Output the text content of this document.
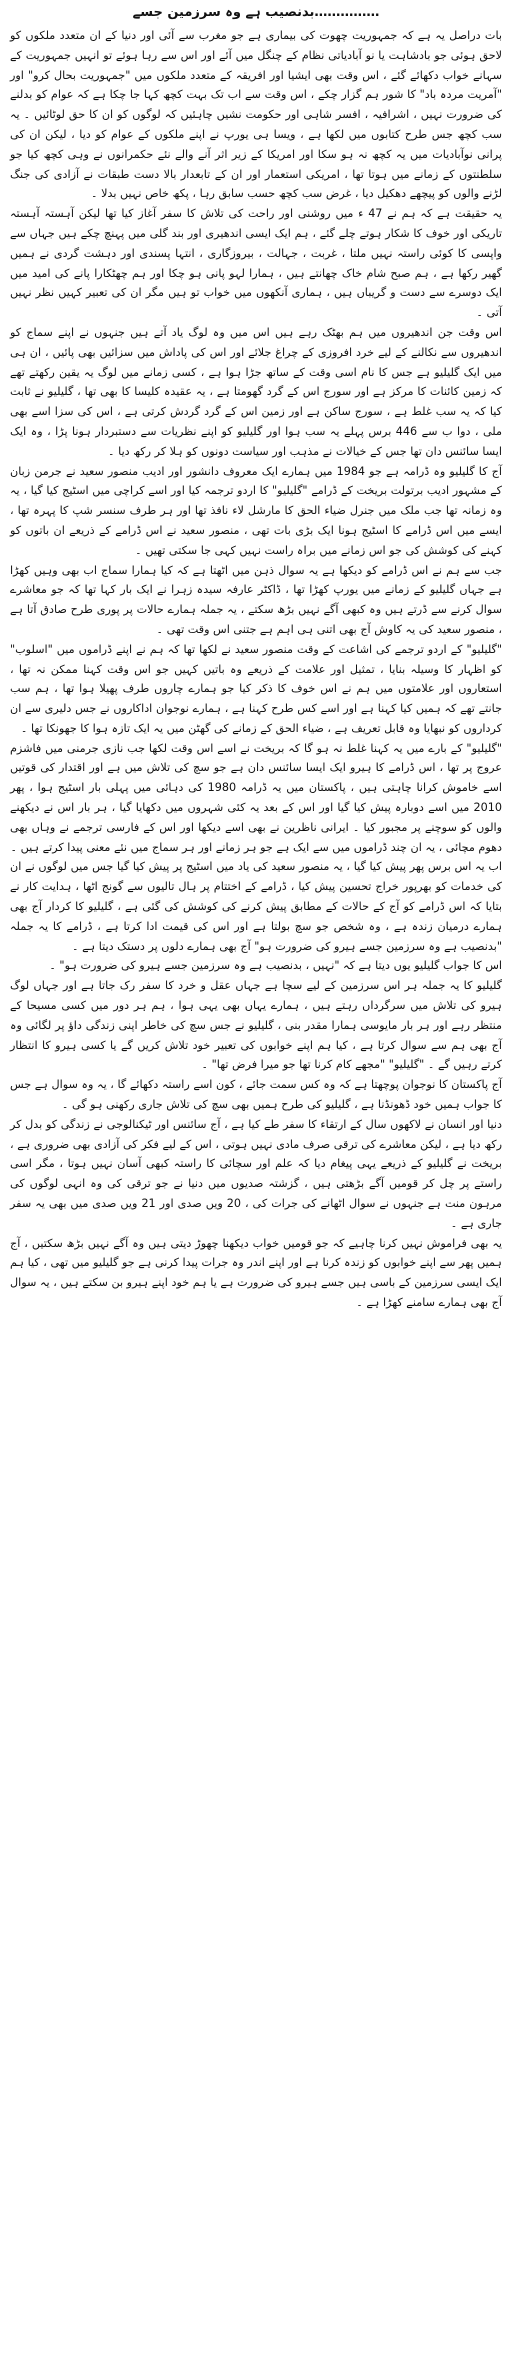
……………بدنصیب ہے وہ سرزمین جسے

بات دراصل یہ ہے کہ جمہوریت چھوت کی بیماری ہے جو مغرب سے آئی اور دنیا کے ان متعدد ملکوں کو لاحق ہوئی جو بادشاہت یا نو آبادیاتی نظام کے چنگل میں آئے اور اس سے رہا ہوئے تو انہیں جمہوریت کے سہانے خواب دکھائے گئے ، اس وقت بھی ایشیا اور افریقہ کے متعدد ملکوں میں "جمہوریت بحال کرو" اور "آمریت مردہ باد" کا شور ہم گزار چکے ، اس وقت سے اب تک بہت کچھ کہا جا چکا ہے کہ عوام کو بدلنے کی ضرورت نہیں ، اشرافیہ ، افسر شاہی اور حکومت نشیں چاہئیں کہ لوگوں کو ان کا حق لوٹائیں ۔ یہ سب کچھ جس طرح کتابوں میں لکھا ہے ، ویسا ہی یورپ نے اپنے ملکوں کے عوام کو دیا ، لیکن ان کی پرانی نوآبادیات میں یہ کچھ نہ ہو سکا اور امریکا کے زیر اثر آنے والے نئے حکمرانوں نے وہی کچھ کیا جو سلطنتوں کے زمانے میں ہوتا تھا ، امریکی استعمار اور ان کے تابعدار بالا دست طبقات نے آزادی کی جنگ لڑنے والوں کو پیچھے دھکیل دیا ، غرض سب کچھ حسب سابق رہا ، پکھ خاص نہیں بدلا ۔

یہ حقیقت ہے کہ ہم نے 47 ء میں روشنی اور راحت کی تلاش کا سفر آغاز کیا تھا لیکن آہستہ آہستہ تاریکی اور خوف کا شکار ہوتے چلے گئے ، ہم ایک ایسی اندھیری اور بند گلی میں پہنچ چکے ہیں جہاں سے واپسی کا کوئی راستہ نہیں ملتا ، غربت ، جہالت ، بیروزگاری ، انتہا پسندی اور دہشت گردی نے ہمیں گھیر رکھا ہے ، ہم صبح شام خاک چھانتے ہیں ، ہمارا لہو پانی ہو چکا اور ہم چھٹکارا پانے کی امید میں ایک دوسرے سے دست و گریباں ہیں ، ہماری آنکھوں میں خواب تو ہیں مگر ان کی تعبیر کہیں نظر نہیں آتی ۔

اس وقت جن اندھیروں میں ہم بھٹک رہے ہیں اس میں وہ لوگ یاد آتے ہیں جنہوں نے اپنے سماج کو اندھیروں سے نکالنے کے لیے خرد افروزی کے چراغ جلائے اور اس کی پاداش میں سزائیں بھی پائیں ، ان ہی میں ایک گلیلیو ہے جس کا نام اسی وقت کے ساتھ جڑا ہوا ہے ، کسی زمانے میں لوگ یہ یقین رکھتے تھے کہ زمین کائنات کا مرکز ہے اور سورج اس کے گرد گھومتا ہے ، یہ عقیدہ کلیسا کا بھی تھا ، گلیلیو نے ثابت کیا کہ یہ سب غلط ہے ، سورج ساکن ہے اور زمین اس کے گرد گردش کرتی ہے ، اس کی سزا اسے بھی ملی ، دوا ب سے 446 برس پہلے یہ سب ہوا اور گلیلیو کو اپنے نظریات سے دستبردار ہونا پڑا ، وہ ایک ایسا سائنس دان تھا جس کے خیالات نے مذہب اور سیاست دونوں کو ہلا کر رکھ دیا ۔

آج کا گلیلیو وہ ڈرامہ ہے جو 1984 میں ہمارے ایک معروف دانشور اور ادیب منصور سعید نے جرمن زبان کے مشہور ادیب برتولت بریخت کے ڈرامے "گلیلیو" کا اردو ترجمہ کیا اور اسے کراچی میں اسٹیج کیا گیا ، یہ وہ زمانہ تھا جب ملک میں جنرل ضیاء الحق کا مارشل لاء نافذ تھا اور ہر طرف سنسر شپ کا پہرہ تھا ، ایسے میں اس ڈرامے کا اسٹیج ہونا ایک بڑی بات تھی ، منصور سعید نے اس ڈرامے کے ذریعے ان باتوں کو کہنے کی کوشش کی جو اس زمانے میں براہ راست نہیں کہی جا سکتی تھیں ۔

جب سے ہم نے اس ڈرامے کو دیکھا ہے یہ سوال ذہن میں اٹھتا ہے کہ کیا ہمارا سماج اب بھی وہیں کھڑا ہے جہاں گلیلیو کے زمانے میں یورپ کھڑا تھا ، ڈاکٹر عارفہ سیدہ زہرا نے ایک بار کہا تھا کہ جو معاشرے سوال کرنے سے ڈرتے ہیں وہ کبھی آگے نہیں بڑھ سکتے ، یہ جملہ ہمارے حالات پر پوری طرح صادق آتا ہے ، منصور سعید کی یہ کاوش آج بھی اتنی ہی اہم ہے جتنی اس وقت تھی ۔

"گلیلیو" کے اردو ترجمے کی اشاعت کے وقت منصور سعید نے لکھا تھا کہ ہم نے اپنے ڈراموں میں "اسلوب" کو اظہار کا وسیلہ بنایا ، تمثیل اور علامت کے ذریعے وہ باتیں کہیں جو اس وقت کہنا ممکن نہ تھا ، استعاروں اور علامتوں میں ہم نے اس خوف کا ذکر کیا جو ہمارے چاروں طرف پھیلا ہوا تھا ، ہم سب جانتے تھے کہ ہمیں کیا کہنا ہے اور اسے کس طرح کہنا ہے ، ہمارے نوجوان اداکاروں نے جس دلیری سے ان کرداروں کو نبھایا وہ قابل تعریف ہے ، ضیاء الحق کے زمانے کی گھٹن میں یہ ایک تازہ ہوا کا جھونکا تھا ۔

"گلیلیو" کے بارے میں یہ کہنا غلط نہ ہو گا کہ بریخت نے اسے اس وقت لکھا جب نازی جرمنی میں فاشزم عروج پر تھا ، اس ڈرامے کا ہیرو ایک ایسا سائنس دان ہے جو سچ کی تلاش میں ہے اور اقتدار کی قوتیں اسے خاموش کرانا چاہتی ہیں ، پاکستان میں یہ ڈرامہ 1980 کی دہائی میں پہلی بار اسٹیج ہوا ، پھر 2010 میں اسے دوبارہ پیش کیا گیا اور اس کے بعد یہ کئی شہروں میں دکھایا گیا ، ہر بار اس نے دیکھنے والوں کو سوچنے پر مجبور کیا ۔ ایرانی ناظرین نے بھی اسے دیکھا اور اس کے فارسی ترجمے نے وہاں بھی دھوم مچائی ، یہ ان چند ڈراموں میں سے ایک ہے جو ہر زمانے اور ہر سماج میں نئے معنی پیدا کرتے ہیں ۔

اب یہ اس برس پھر پیش کیا گیا ، یہ منصور سعید کی یاد میں اسٹیج پر پیش کیا گیا جس میں لوگوں نے ان کی خدمات کو بھرپور خراج تحسین پیش کیا ، ڈرامے کے اختتام پر ہال تالیوں سے گونج اٹھا ، ہدایت کار نے بتایا کہ اس ڈرامے کو آج کے حالات کے مطابق پیش کرنے کی کوشش کی گئی ہے ، گلیلیو کا کردار آج بھی ہمارے درمیان زندہ ہے ، وہ شخص جو سچ بولتا ہے اور اس کی قیمت ادا کرتا ہے ، ڈرامے کا یہ جملہ "بدنصیب ہے وہ سرزمین جسے ہیرو کی ضرورت ہو" آج بھی ہمارے دلوں پر دستک دیتا ہے ۔

اس کا جواب گلیلیو یوں دیتا ہے کہ "نہیں ، بدنصیب ہے وہ سرزمین جسے ہیرو کی ضرورت ہو" ۔

گلیلیو کا یہ جملہ ہر اس سرزمین کے لیے سچا ہے جہاں عقل و خرد کا سفر رک جاتا ہے اور جہاں لوگ ہیرو کی تلاش میں سرگرداں رہتے ہیں ، ہمارے یہاں بھی یہی ہوا ، ہم ہر دور میں کسی مسیحا کے منتظر رہے اور ہر بار مایوسی ہمارا مقدر بنی ، گلیلیو نے جس سچ کی خاطر اپنی زندگی داؤ پر لگائی وہ آج بھی ہم سے سوال کرتا ہے ، کیا ہم اپنے خوابوں کی تعبیر خود تلاش کریں گے یا کسی ہیرو کا انتظار کرتے رہیں گے ۔ "گلیلیو" "مجھے کام کرنا تھا جو میرا فرض تھا" ۔

آج پاکستان کا نوجوان پوچھتا ہے کہ وہ کس سمت جائے ، کون اسے راستہ دکھائے گا ، یہ وہ سوال ہے جس کا جواب ہمیں خود ڈھونڈنا ہے ، گلیلیو کی طرح ہمیں بھی سچ کی تلاش جاری رکھنی ہو گی ۔

دنیا اور انسان نے لاکھوں سال کے ارتقاء کا سفر طے کیا ہے ، آج سائنس اور ٹیکنالوجی نے زندگی کو بدل کر رکھ دیا ہے ، لیکن معاشرے کی ترقی صرف مادی نہیں ہوتی ، اس کے لیے فکر کی آزادی بھی ضروری ہے ، بریخت نے گلیلیو کے ذریعے یہی پیغام دیا کہ علم اور سچائی کا راستہ کبھی آسان نہیں ہوتا ، مگر اسی راستے پر چل کر قومیں آگے بڑھتی ہیں ، گزشتہ صدیوں میں دنیا نے جو ترقی کی وہ انہی لوگوں کی مرہون منت ہے جنہوں نے سوال اٹھانے کی جرات کی ، 20 ویں صدی اور 21 ویں صدی میں بھی یہ سفر جاری ہے ۔

یہ بھی فراموش نہیں کرنا چاہیے کہ جو قومیں خواب دیکھنا چھوڑ دیتی ہیں وہ آگے نہیں بڑھ سکتیں ، آج ہمیں پھر سے اپنے خوابوں کو زندہ کرنا ہے اور اپنے اندر وہ جرات پیدا کرنی ہے جو گلیلیو میں تھی ، کیا ہم ایک ایسی سرزمین کے باسی ہیں جسے ہیرو کی ضرورت ہے یا ہم خود اپنے ہیرو بن سکتے ہیں ، یہ سوال آج بھی ہمارے سامنے کھڑا ہے ۔
